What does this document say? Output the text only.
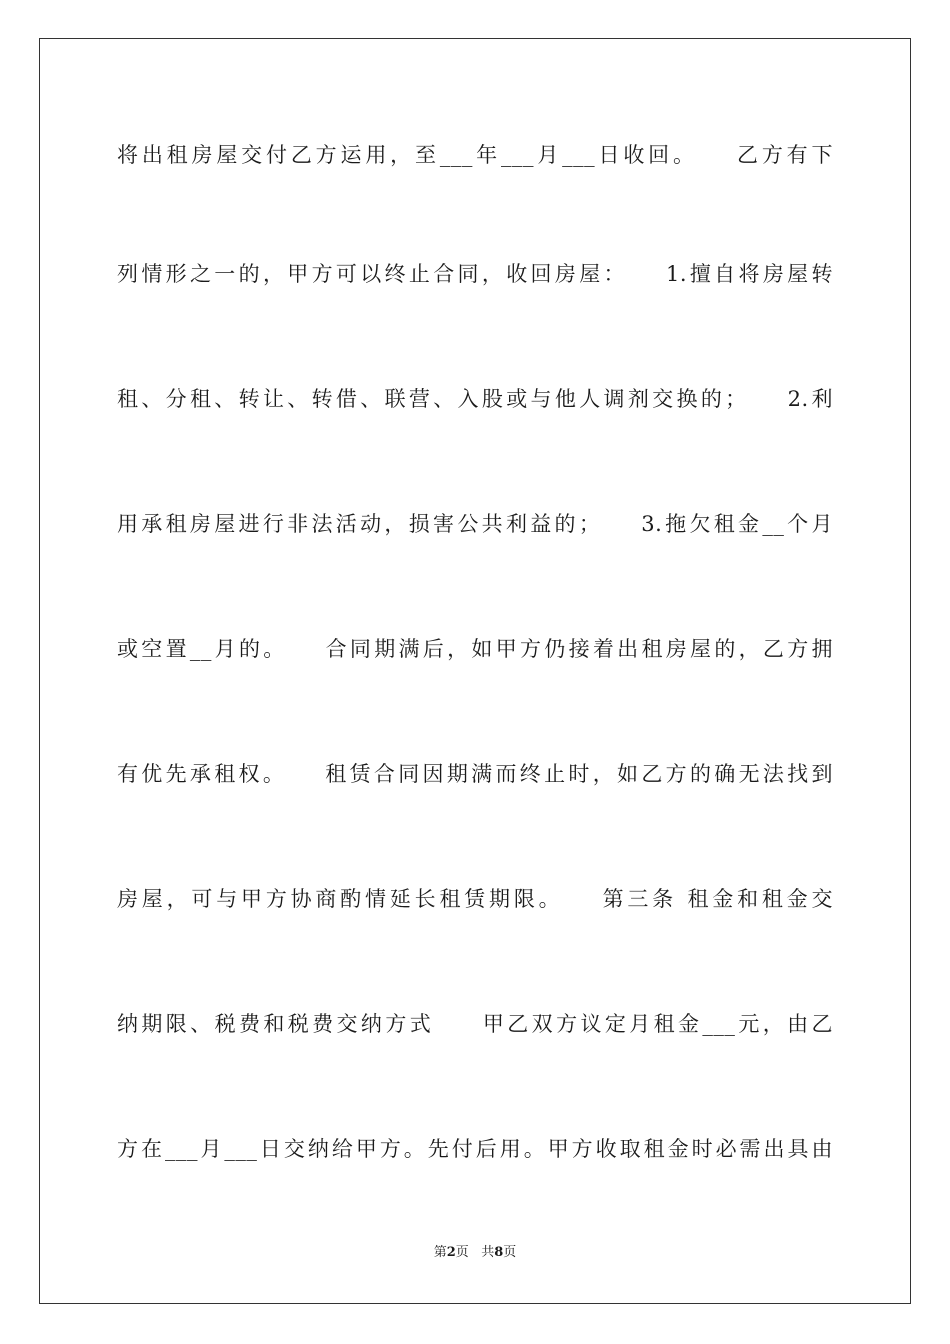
将出租房屋交付乙方运用，至___年___月___日收回。　　乙方有下
列情形之一的，甲方可以终止合同，收回房屋：　　1.擅自将房屋转
租、分租、转让、转借、联营、入股或与他人调剂交换的；　　2.利
用承租房屋进行非法活动，损害公共利益的；　　3.拖欠租金__个月
或空置__月的。　　合同期满后，如甲方仍接着出租房屋的，乙方拥
有优先承租权。　　租赁合同因期满而终止时，如乙方的确无法找到
房屋，可与甲方协商酌情延长租赁期限。　　第三条 租金和租金交
纳期限、税费和税费交纳方式　　甲乙双方议定月租金___元，由乙
方在___月___日交纳给甲方。先付后用。甲方收取租金时必需出具由
第2页 共8页
